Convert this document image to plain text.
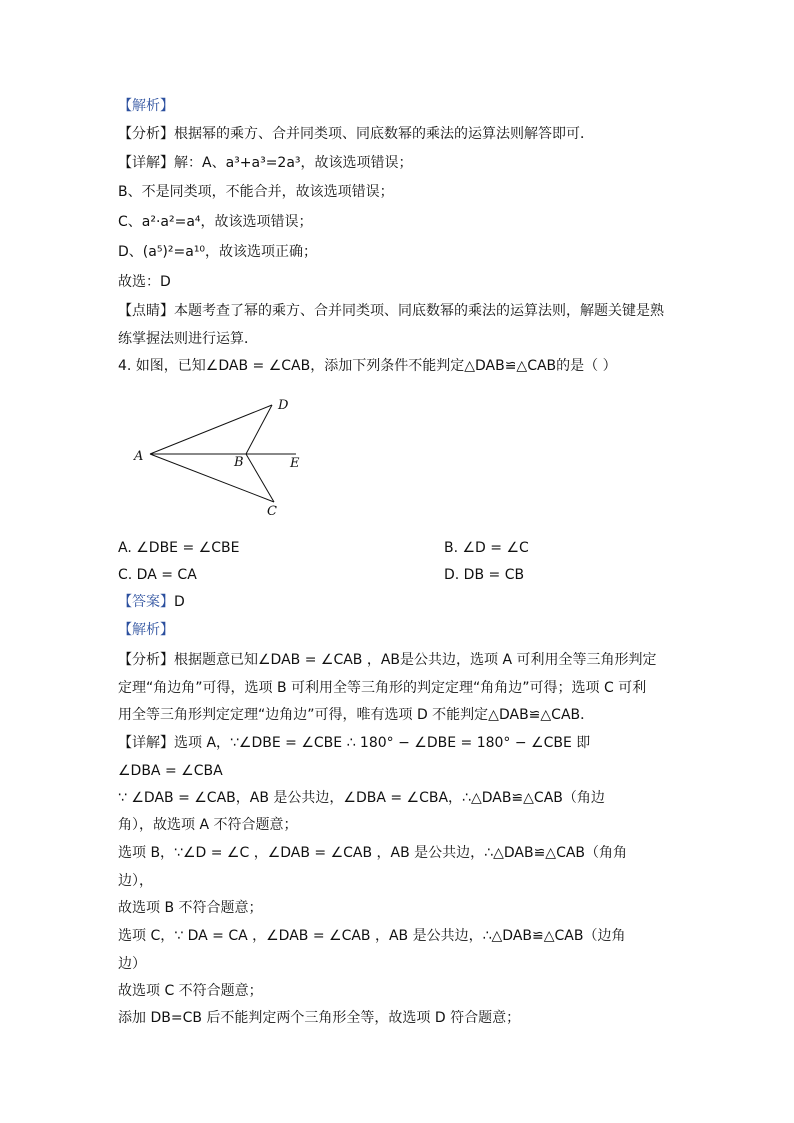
【解析】
【分析】根据幂的乘方、合并同类项、同底数幂的乘法的运算法则解答即可．
【详解】解：A、a³+a³=2a³，故该选项错误；
B、不是同类项，不能合并，故该选项错误；
C、a²·a²=a⁴，故该选项错误；
D、(a⁵)²=a¹⁰，故该选项正确；
故选：D
【点睛】本题考查了幂的乘方、合并同类项、同底数幂的乘法的运算法则，解题关键是熟
练掌握法则进行运算．
4. 如图，已知∠DAB = ∠CAB，添加下列条件不能判定△DAB≌△CAB的是（ ）
A	B
D
E
C
A. ∠DBE = ∠CBE	B. ∠D = ∠C
C. DA = CA	D. DB = CB
【答案】D
【解析】
【分析】根据题意已知∠DAB = ∠CAB ，AB是公共边，选项 A 可利用全等三角形判定
定理“角边角”可得，选项 B 可利用全等三角形的判定定理“角角边”可得；选项 C 可利
用全等三角形判定定理“边角边”可得，唯有选项 D 不能判定△DAB≌△CAB．
【详解】选项 A，∵∠DBE = ∠CBE ∴ 180° − ∠DBE = 180° − ∠CBE 即
∠DBA = ∠CBA
∵ ∠DAB = ∠CAB，AB 是公共边，∠DBA = ∠CBA，∴△DAB≌△CAB（角边
角），故选项 A 不符合题意；
选项 B，∵∠D = ∠C ，∠DAB = ∠CAB ，AB 是公共边，∴△DAB≌△CAB（角角
边），
故选项 B 不符合题意；
选项 C，∵ DA = CA ，∠DAB = ∠CAB ，AB 是公共边，∴△DAB≌△CAB（边角
边）
故选项 C 不符合题意；
添加 DB=CB 后不能判定两个三角形全等，故选项 D 符合题意；
